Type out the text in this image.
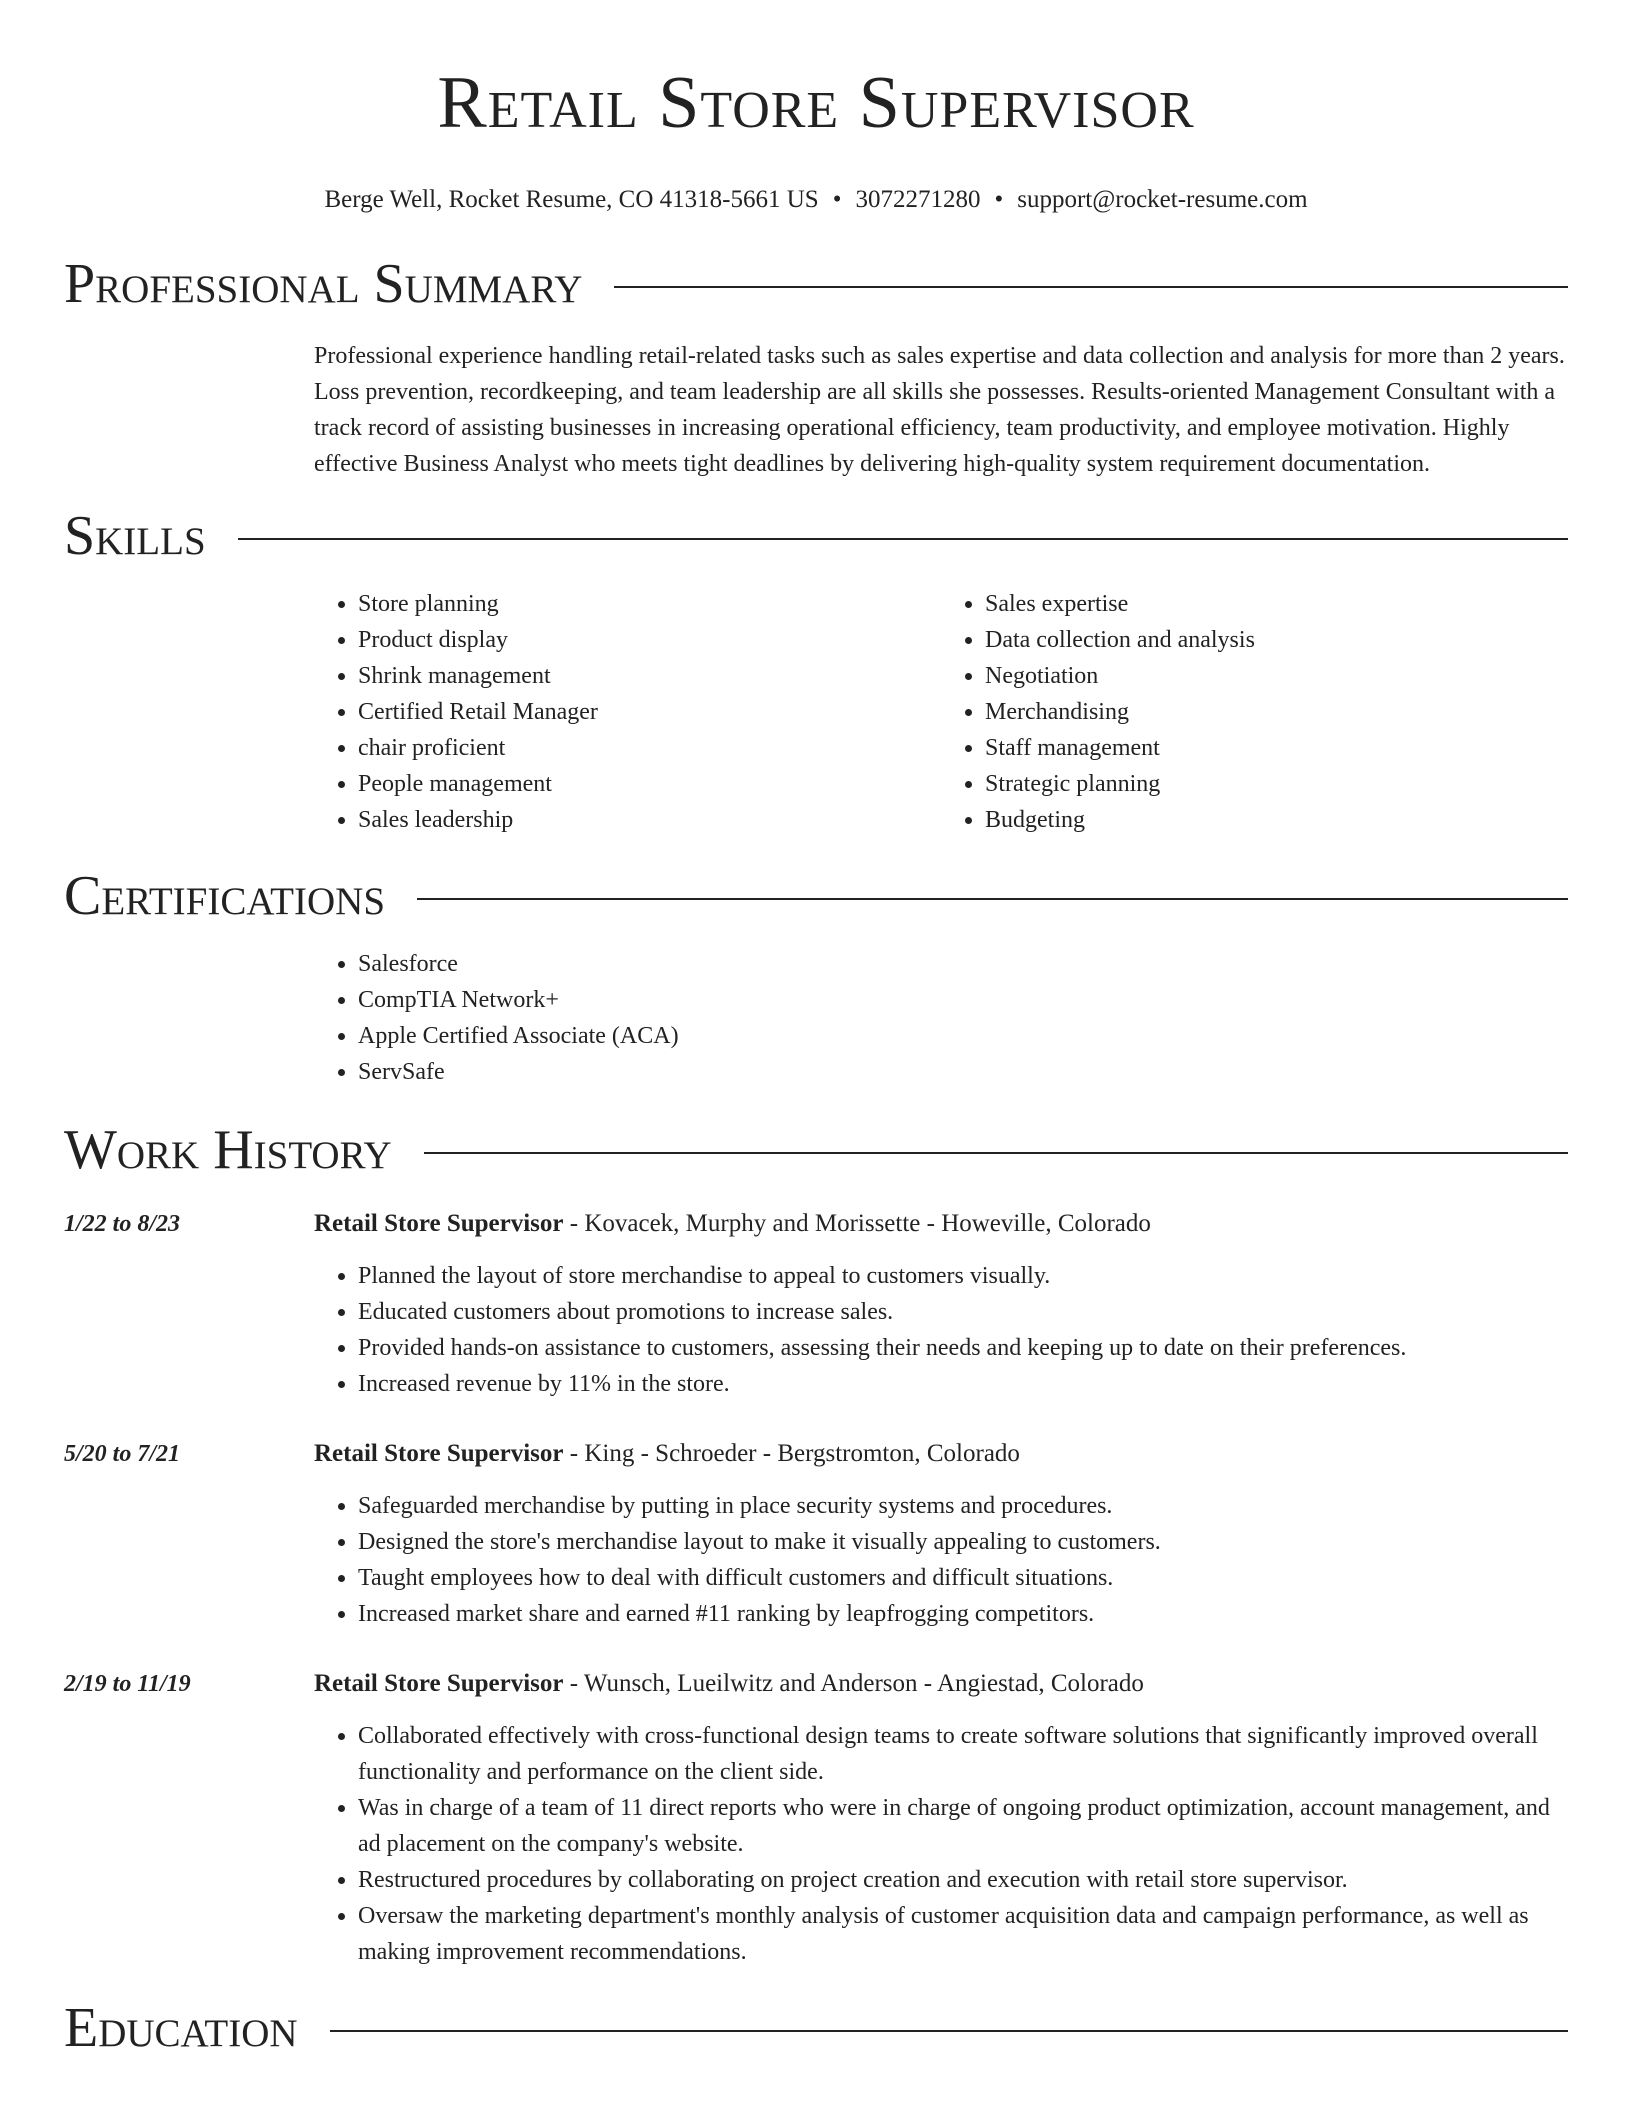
Retail Store Supervisor
Berge Well, Rocket Resume, CO 41318-5661 US • 3072271280 • support@rocket-resume.com
Professional Summary

Professional experience handling retail-related tasks such as sales expertise and data collection and analysis for more than 2 years. Loss prevention, recordkeeping, and team leadership are all skills she possesses. Results-oriented Management Consultant with a track record of assisting businesses in increasing operational efficiency, team productivity, and employee motivation. Highly effective Business Analyst who meets tight deadlines by delivering high-quality system requirement documentation.

Skills
• Store planning
• Product display
• Shrink management
• Certified Retail Manager
• chair proficient
• People management
• Sales leadership
• Sales expertise
• Data collection and analysis
• Negotiation
• Merchandising
• Staff management
• Strategic planning
• Budgeting
Certifications
• Salesforce
• CompTIA Network+
• Apple Certified Associate (ACA)
• ServSafe
Work History
1/22 to 8/23	Retail Store Supervisor - Kovacek, Murphy and Morissette - Howeville, Colorado
• Planned the layout of store merchandise to appeal to customers visually.
• Educated customers about promotions to increase sales.
• Provided hands-on assistance to customers, assessing their needs and keeping up to date on their preferences.
• Increased revenue by 11% in the store.
5/20 to 7/21	Retail Store Supervisor - King - Schroeder - Bergstromton, Colorado
• Safeguarded merchandise by putting in place security systems and procedures.
• Designed the store's merchandise layout to make it visually appealing to customers.
• Taught employees how to deal with difficult customers and difficult situations.
• Increased market share and earned #11 ranking by leapfrogging competitors.
2/19 to 11/19	Retail Store Supervisor - Wunsch, Lueilwitz and Anderson - Angiestad, Colorado
• Collaborated effectively with cross-functional design teams to create software solutions that significantly improved overall functionality and performance on the client side.
• Was in charge of a team of 11 direct reports who were in charge of ongoing product optimization, account management, and ad placement on the company's website.
• Restructured procedures by collaborating on project creation and execution with retail store supervisor.
• Oversaw the marketing department's monthly analysis of customer acquisition data and campaign performance, as well as making improvement recommendations.
Education
